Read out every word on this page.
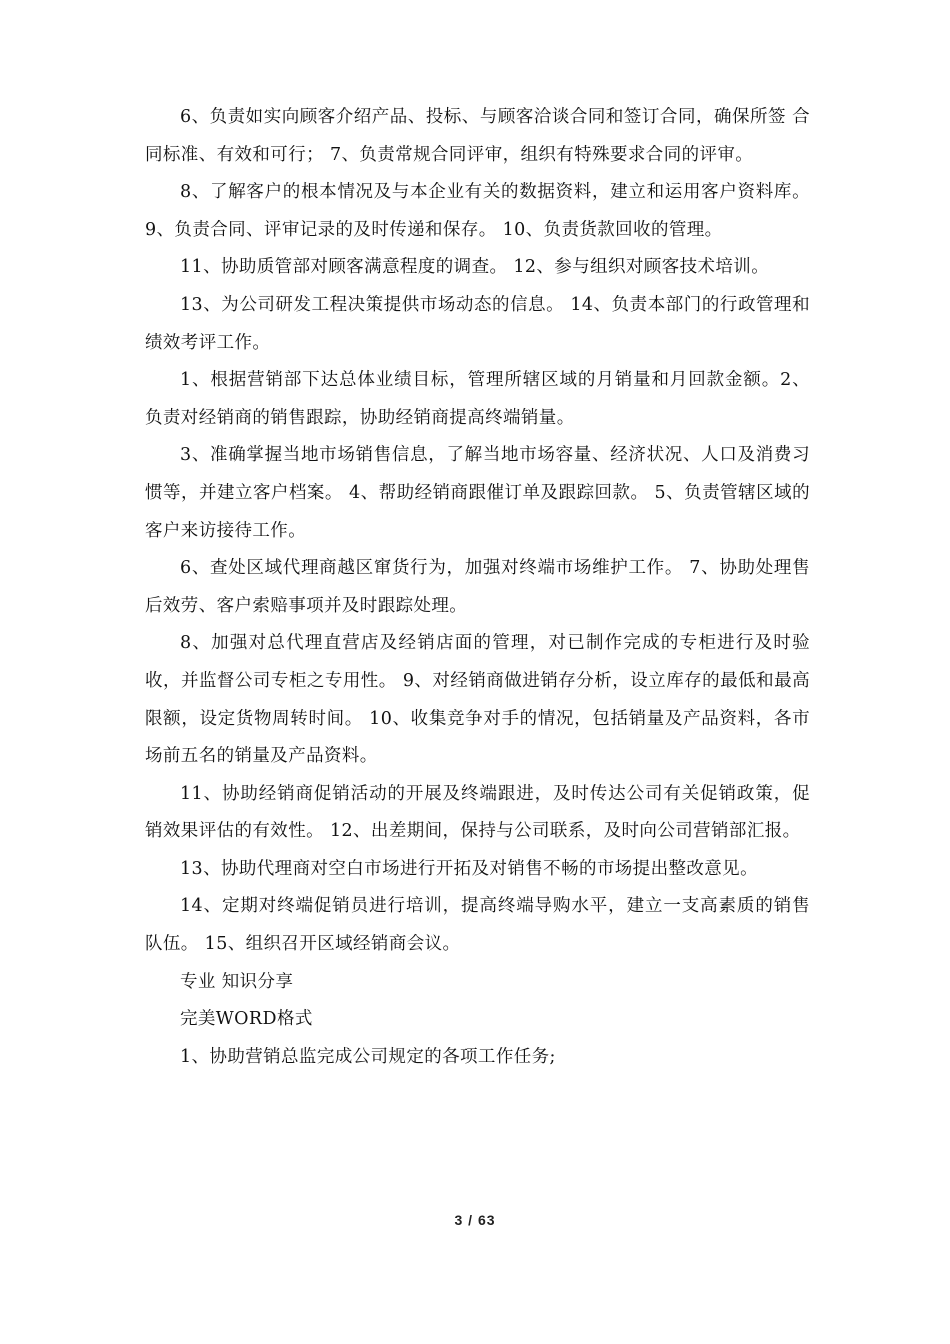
6、负责如实向顾客介绍产品、投标、与顾客洽谈合同和签订合同，确保所签 合同标准、有效和可行； 7、负责常规合同评审，组织有特殊要求合同的评审。

8、了解客户的根本情况及与本企业有关的数据资料，建立和运用客户资料库。 9、负责合同、评审记录的及时传递和保存。 10、负责货款回收的管理。

11、协助质管部对顾客满意程度的调查。 12、参与组织对顾客技术培训。

13、为公司研发工程决策提供市场动态的信息。 14、负责本部门的行政管理和绩效考评工作。

1、根据营销部下达总体业绩目标，管理所辖区域的月销量和月回款金额。2、负责对经销商的销售跟踪，协助经销商提高终端销量。

3、准确掌握当地市场销售信息，了解当地市场容量、经济状况、人口及消费习惯等，并建立客户档案。 4、帮助经销商跟催订单及跟踪回款。 5、负责管辖区域的客户来访接待工作。

6、查处区域代理商越区窜货行为，加强对终端市场维护工作。 7、协助处理售后效劳、客户索赔事项并及时跟踪处理。

8、加强对总代理直营店及经销店面的管理，对已制作完成的专柜进行及时验收，并监督公司专柜之专用性。 9、对经销商做进销存分析，设立库存的最低和最高限额，设定货物周转时间。 10、收集竞争对手的情况，包括销量及产品资料，各市场前五名的销量及产品资料。

11、协助经销商促销活动的开展及终端跟进，及时传达公司有关促销政策，促销效果评估的有效性。 12、出差期间，保持与公司联系，及时向公司营销部汇报。

13、协助代理商对空白市场进行开拓及对销售不畅的市场提出整改意见。

14、定期对终端促销员进行培训，提高终端导购水平，建立一支高素质的销售队伍。 15、组织召开区域经销商会议。

专业 知识分享

完美WORD格式

1、协助营销总监完成公司规定的各项工作任务;

3 / 63
